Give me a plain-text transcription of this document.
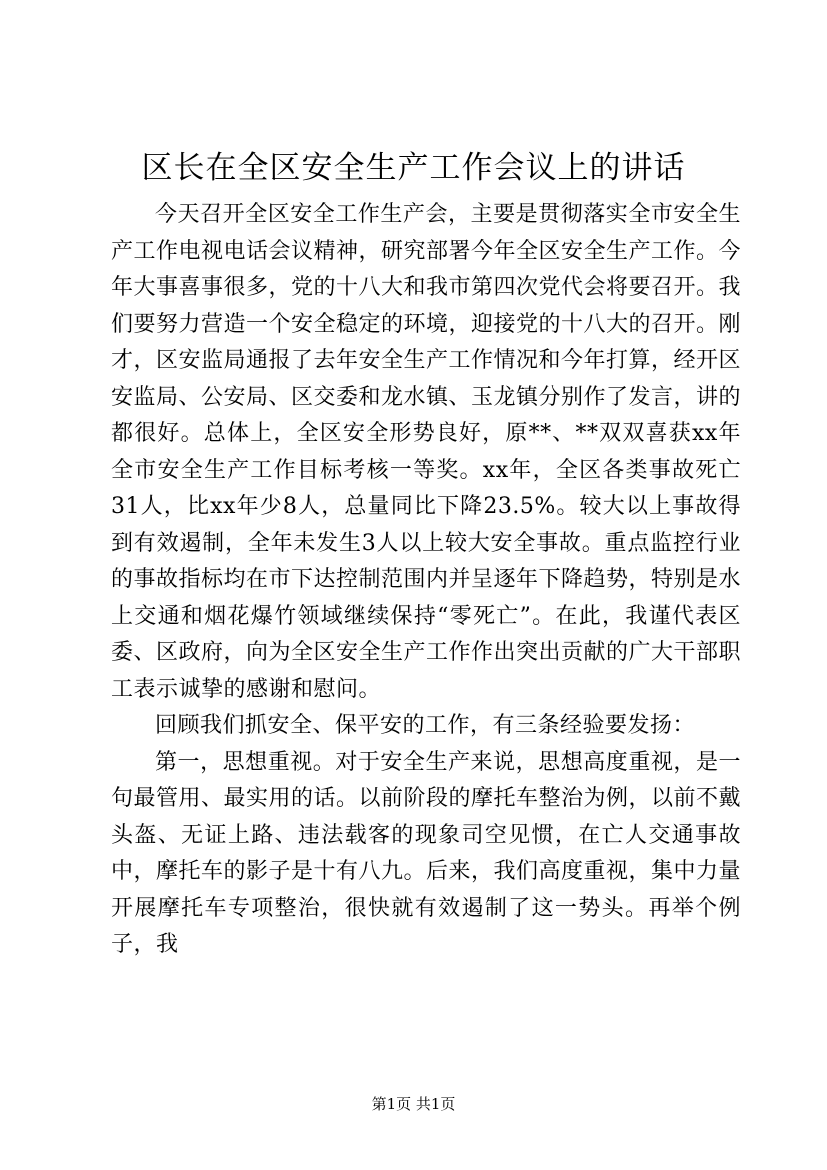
区长在全区安全生产工作会议上的讲话

今天召开全区安全工作生产会，主要是贯彻落实全市安全生产工作电视电话会议精神，研究部署今年全区安全生产工作。今年大事喜事很多，党的十八大和我市第四次党代会将要召开。我们要努力营造一个安全稳定的环境，迎接党的十八大的召开。刚才，区安监局通报了去年安全生产工作情况和今年打算，经开区安监局、公安局、区交委和龙水镇、玉龙镇分别作了发言，讲的都很好。总体上，全区安全形势良好，原**、**双双喜获xx年全市安全生产工作目标考核一等奖。xx年，全区各类事故死亡31人，比xx年少8人，总量同比下降23.5%。较大以上事故得到有效遏制，全年未发生3人以上较大安全事故。重点监控行业的事故指标均在市下达控制范围内并呈逐年下降趋势，特别是水上交通和烟花爆竹领域继续保持“零死亡”。在此，我谨代表区委、区政府，向为全区安全生产工作作出突出贡献的广大干部职工表示诚挚的感谢和慰问。

回顾我们抓安全、保平安的工作，有三条经验要发扬：

第一，思想重视。对于安全生产来说，思想高度重视，是一句最管用、最实用的话。以前阶段的摩托车整治为例，以前不戴头盔、无证上路、违法载客的现象司空见惯，在亡人交通事故中，摩托车的影子是十有八九。后来，我们高度重视，集中力量开展摩托车专项整治，很快就有效遏制了这一势头。再举个例子，我

第1页 共1页
